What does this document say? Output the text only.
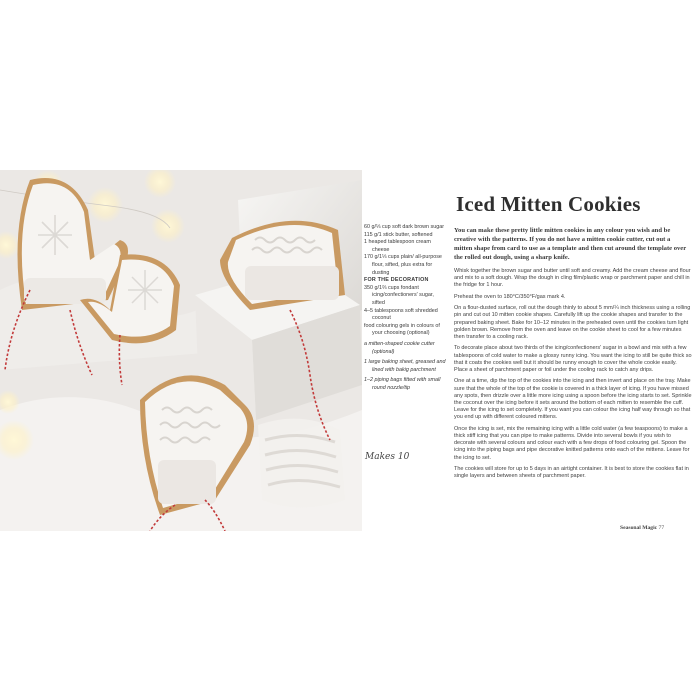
60 g/⅓ cup soft dark brown sugar
115 g/1 stick butter, softened
1 heaped tablespoon cream cheese
170 g/1⅓ cups plain/ all-purpose flour, sifted, plus extra for dusting
FOR THE DECORATION
350 g/1⅔ cups fondant icing/confectioners' sugar, sifted
4–5 tablespoons soft shredded coconut
food colouring gels in colours of your choosing (optional)
a mitten-shaped cookie cutter (optional)
1 large baking sheet, greased and lined with bakig parchment
1–2 piping bags fitted with small round nozzle/tip
Makes 10
Iced Mitten Cookies

You can make these pretty little mitten cookies in any colour you wish and be creative with the patterns. If you do not have a mitten cookie cutter, cut out a mitten shape from card to use as a template and then cut around the template over the rolled out dough, using a sharp knife.

Whisk together the brown sugar and butter until soft and creamy. Add the cream cheese and flour and mix to a soft dough. Wrap the dough in cling film/plastic wrap or parchment paper and chill in the fridge for 1 hour.

Preheat the oven to 180°C/350°F/gas mark 4.

On a flour-dusted surface, roll out the dough thinly to about 5 mm/¼ inch thickness using a rolling pin and cut out 10 mitten cookie shapes. Carefully lift up the cookie shapes and transfer to the prepared baking sheet. Bake for 10–12 minutes in the preheated oven until the cookies turn light golden brown. Remove from the oven and leave on the cookie sheet to cool for a few minutes then transfer to a cooling rack.

To decorate place about two thirds of the icing/confectioners' sugar in a bowl and mix with a few tablespoons of cold water to make a glossy runny icing. You want the icing to still be quite thick so that it coats the cookies well but it should be runny enough to cover the whole cookie easily. Place a sheet of parchment paper or foil under the cooling rack to catch any drips.

One at a time, dip the top of the cookies into the icing and then invert and place on the tray. Make sure that the whole of the top of the cookie is covered in a thick layer of icing. If you have missed any spots, then drizzle over a little more icing using a spoon before the icing starts to set. Sprinkle the coconut over the icing before it sets around the bottom of each mitten to resemble the cuff. Leave for the icing to set completely. If you want you can colour the icing half way through so that you end up with different coloured mittens.

Once the icing is set, mix the remaining icing with a little cold water (a few teaspoons) to make a thick stiff icing that you can pipe to make patterns. Divide into several bowls if you wish to decorate with several colours and colour each with a few drops of food colouring gel. Spoon the icing into the piping bags and pipe decorative knitted patterns onto each of the mittens. Leave for the icing to set.

The cookies will store for up to 5 days in an airtight container. It is best to store the cookies flat in single layers and between sheets of parchment paper.

Seasonal Magic 77
